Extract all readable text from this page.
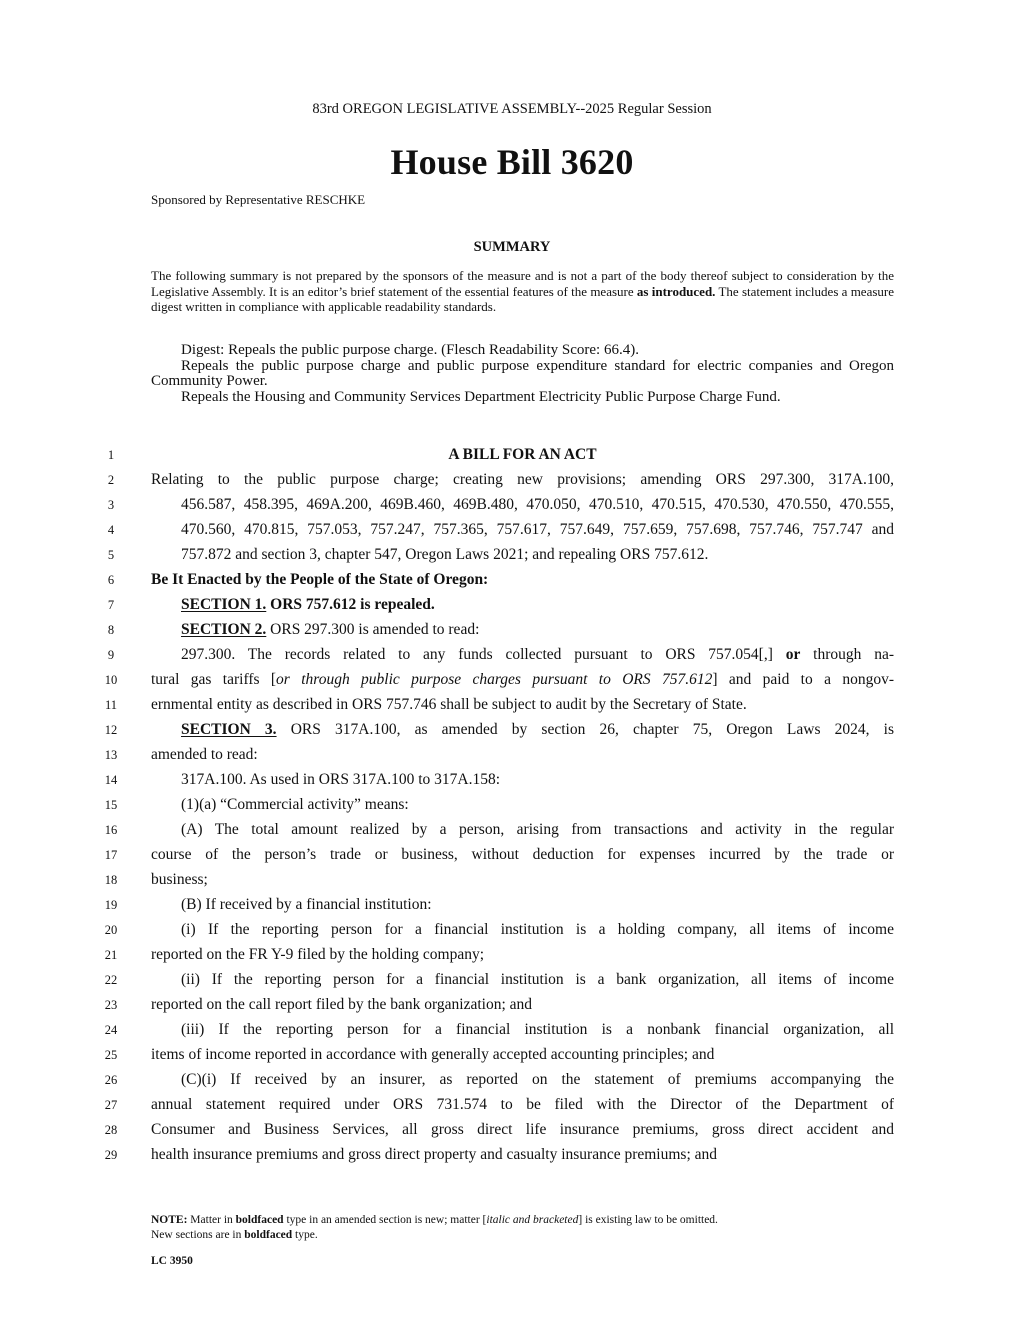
83rd OREGON LEGISLATIVE ASSEMBLY--2025 Regular Session
House Bill 3620
Sponsored by Representative RESCHKE
SUMMARY
The following summary is not prepared by the sponsors of the measure and is not a part of the body thereof subject to consideration by the Legislative Assembly. It is an editor’s brief statement of the essential features of the measure as introduced. The statement includes a measure digest written in compliance with applicable readability standards.

Digest: Repeals the public purpose charge. (Flesch Readability Score: 66.4).

Repeals the public purpose charge and public purpose expenditure standard for electric companies and Oregon Community Power.

Repeals the Housing and Community Services Department Electricity Public Purpose Charge Fund.

1	A BILL FOR AN ACT
2	Relating to the public purpose charge; creating new provisions; amending ORS 297.300, 317A.100,
3	456.587, 458.395, 469A.200, 469B.460, 469B.480, 470.050, 470.510, 470.515, 470.530, 470.550, 470.555,
4	470.560, 470.815, 757.053, 757.247, 757.365, 757.617, 757.649, 757.659, 757.698, 757.746, 757.747 and
5	757.872 and section 3, chapter 547, Oregon Laws 2021; and repealing ORS 757.612.
6	Be It Enacted by the People of the State of Oregon:
7	SECTION 1. ORS 757.612 is repealed.
8	SECTION 2. ORS 297.300 is amended to read:
9	297.300. The records related to any funds collected pursuant to ORS 757.054[,] or through na-
10	tural gas tariffs [or through public purpose charges pursuant to ORS 757.612] and paid to a nongov-
11	ernmental entity as described in ORS 757.746 shall be subject to audit by the Secretary of State.
12	SECTION 3. ORS 317A.100, as amended by section 26, chapter 75, Oregon Laws 2024, is
13	amended to read:
14	317A.100. As used in ORS 317A.100 to 317A.158:
15	(1)(a) “Commercial activity” means:
16	(A) The total amount realized by a person, arising from transactions and activity in the regular
17	course of the person’s trade or business, without deduction for expenses incurred by the trade or
18	business;
19	(B) If received by a financial institution:
20	(i) If the reporting person for a financial institution is a holding company, all items of income
21	reported on the FR Y-9 filed by the holding company;
22	(ii) If the reporting person for a financial institution is a bank organization, all items of income
23	reported on the call report filed by the bank organization; and
24	(iii) If the reporting person for a financial institution is a nonbank financial organization, all
25	items of income reported in accordance with generally accepted accounting principles; and
26	(C)(i) If received by an insurer, as reported on the statement of premiums accompanying the
27	annual statement required under ORS 731.574 to be filed with the Director of the Department of
28	Consumer and Business Services, all gross direct life insurance premiums, gross direct accident and
29	health insurance premiums and gross direct property and casualty insurance premiums; and
NOTE: Matter in boldfaced type in an amended section is new; matter [italic and bracketed] is existing law to be omitted.
New sections are in boldfaced type.
LC 3950
